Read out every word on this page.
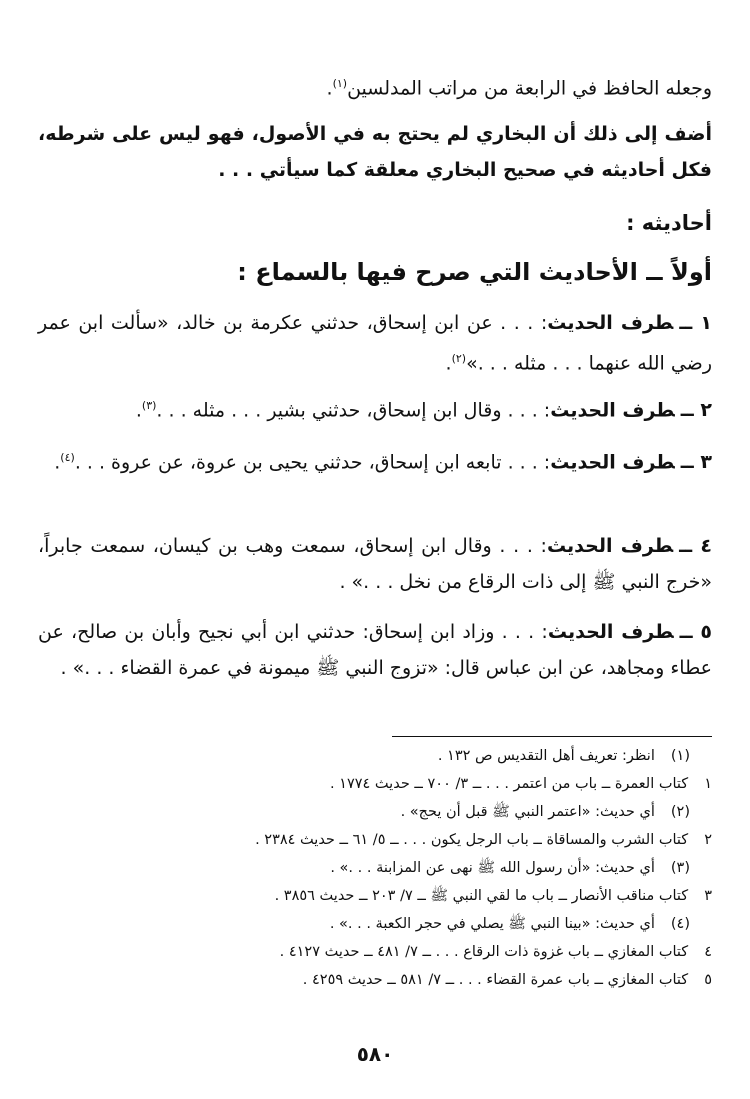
وجعله الحافظ في الرابعة من مراتب المدلسين$^{(١)}$.

أضف إلى ذلك أن البخاري لم يحتج به في الأصول، فهو ليس على شرطه، فكل أحاديثه في صحيح البخاري معلقة كما سيأتي . . .

أحاديثه :

أولاً ــ الأحاديث التي صرح فيها بالسماع :

١ ــطرف الحديث: . . . عن ابن إسحاق، حدثني عكرمة بن خالد، «سألت ابن عمر رضي الله عنهما . . . مثله . . .»$^{(٢)}$.

٢ ــطرف الحديث: . . . وقال ابن إسحاق، حدثني بشير . . . مثله . . .$^{(٣)}$.

٣ ــطرف الحديث: . . . تابعه ابن إسحاق، حدثني يحيى بن عروة، عن عروة . . .$^{(٤)}$.

٤ ــطرف الحديث: . . . وقال ابن إسحاق، سمعت وهب بن كيسان، سمعت جابراً، «خرج النبي ﷺ إلى ذات الرقاع من نخل . . .» .

٥ ــطرف الحديث: . . . وزاد ابن إسحاق: حدثني ابن أبي نجيح وأبان بن صالح، عن عطاء ومجاهد، عن ابن عباس قال: «تزوج النبي ﷺ ميمونة في عمرة القضاء . . .» .

(١)انظر: تعريف أهل التقديس ص ١٣٢ .
١كتاب العمرة ــ باب من اعتمر . . . ــ ٣/ ٧٠٠ ــ حديث ١٧٧٤ .
(٢)أي حديث: «اعتمر النبي ﷺ قبل أن يحج» .
٢كتاب الشرب والمساقاة ــ باب الرجل يكون . . . ــ ٥/ ٦١ ــ حديث ٢٣٨٤ .
(٣)أي حديث: «أن رسول الله ﷺ نهى عن المزابنة . . .» .
٣كتاب مناقب الأنصار ــ باب ما لقي النبي ﷺ ــ ٧/ ٢٠٣ ــ حديث ٣٨٥٦ .
(٤)أي حديث: «بينا النبي ﷺ يصلي في حجر الكعبة . . .» .
٤كتاب المغازي ــ باب غزوة ذات الرقاع . . . ــ ٧/ ٤٨١ ــ حديث ٤١٢٧ .
٥كتاب المغازي ــ باب عمرة القضاء . . . ــ ٧/ ٥٨١ ــ حديث ٤٢٥٩ .
٥٨٠
